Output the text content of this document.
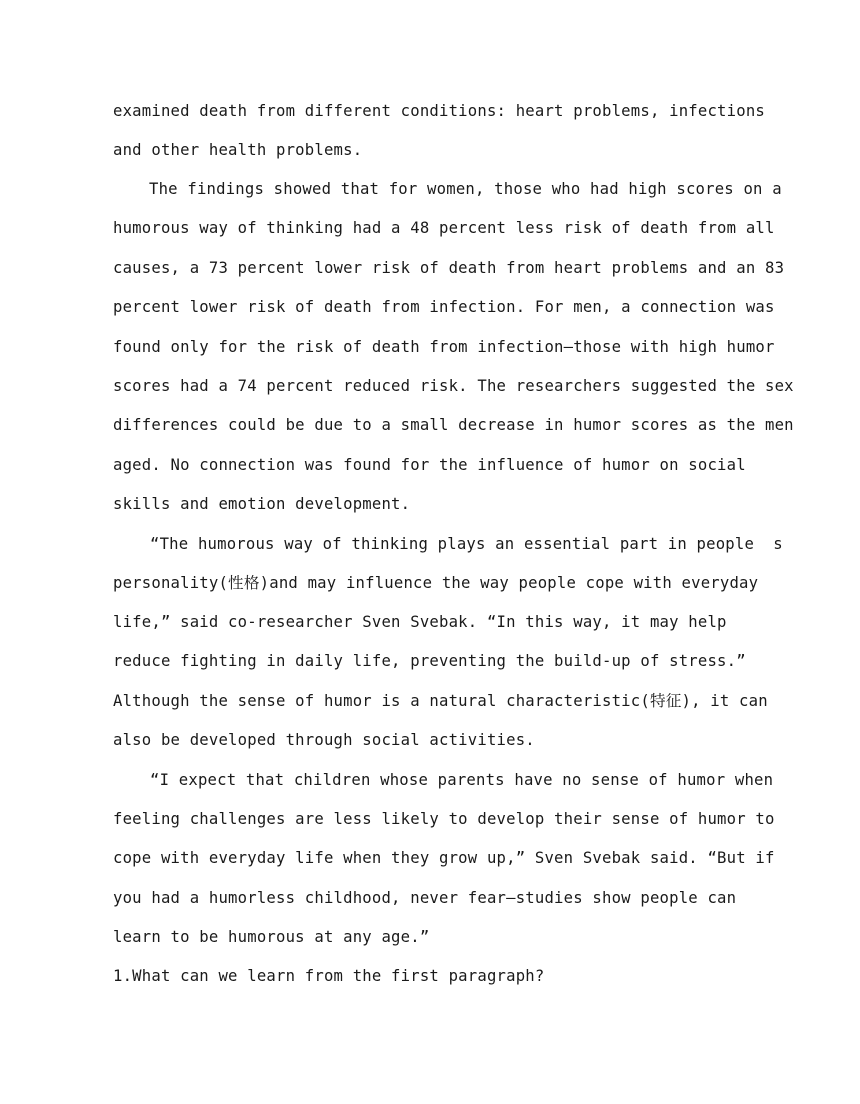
examined death from different conditions: heart problems, infections
and other health problems.
The findings showed that for women, those who had high scores on a
humorous way of thinking had a 48 percent less risk of death from all
causes, a 73 percent lower risk of death from heart problems and an 83
percent lower risk of death from infection. For men, a connection was
found only for the risk of death from infection—those with high humor
scores had a 74 percent reduced risk. The researchers suggested the sex
differences could be due to a small decrease in humor scores as the men
aged. No connection was found for the influence of humor on social
skills and emotion development.
“The humorous way of thinking plays an essential part in people  s
personality(性格)and may influence the way people cope with everyday
life,” said co-researcher Sven Svebak. “In this way, it may help
reduce fighting in daily life, preventing the build-up of stress.”
Although the sense of humor is a natural characteristic(特征), it can
also be developed through social activities.
“I expect that children whose parents have no sense of humor when
feeling challenges are less likely to develop their sense of humor to
cope with everyday life when they grow up,” Sven Svebak said. “But if
you had a humorless childhood, never fear—studies show people can
learn to be humorous at any age.”
1.What can we learn from the first paragraph?
